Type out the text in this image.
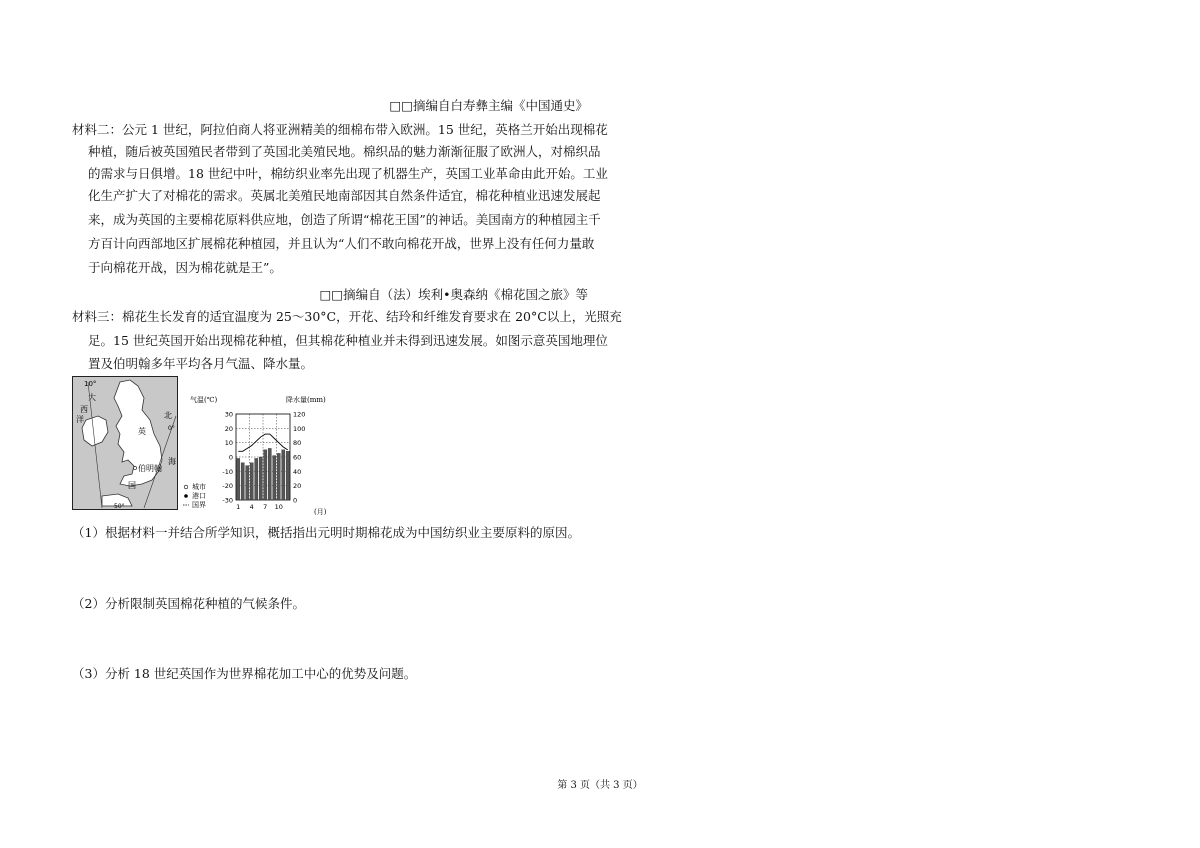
□□摘编自白寿彝主编《中国通史》
材料二：公元 1 世纪，阿拉伯商人将亚洲精美的细棉布带入欧洲。15 世纪，英格兰开始出现棉花
种植，随后被英国殖民者带到了英国北美殖民地。棉织品的魅力渐渐征服了欧洲人，对棉织品
的需求与日俱增。18 世纪中叶，棉纺织业率先出现了机器生产，英国工业革命由此开始。工业
化生产扩大了对棉花的需求。英属北美殖民地南部因其自然条件适宜，棉花种植业迅速发展起
来，成为英国的主要棉花原料供应地，创造了所谓“棉花王国”的神话。美国南方的种植园主千
方百计向西部地区扩展棉花种植园，并且认为“人们不敢向棉花开战，世界上没有任何力量敢
于向棉花开战，因为棉花就是王”。
□□摘编自（法）埃利•奥森纳《棉花国之旅》等
材料三：棉花生长发育的适宜温度为 25～30°C，开花、结玲和纤维发育要求在 20°C以上，光照充
足。15 世纪英国开始出现棉花种植，但其棉花种植业并未得到迅速发展。如图示意英国地理位
置及伯明翰多年平均各月气温、降水量。
10°
大
西
洋	北
海
英
国
0°
50°
伯明翰
城市
港口
国界
气温(℃)	降水量(mm)
30
20
10
0
-10
-20
-30
120
100
80
60
40
20
0
1 4 7 10
(月)
（1）根据材料一并结合所学知识，概括指出元明时期棉花成为中国纺织业主要原料的原因。
（2）分析限制英国棉花种植的气候条件。
（3）分析 18 世纪英国作为世界棉花加工中心的优势及问题。
第 3 页（共 3 页）
